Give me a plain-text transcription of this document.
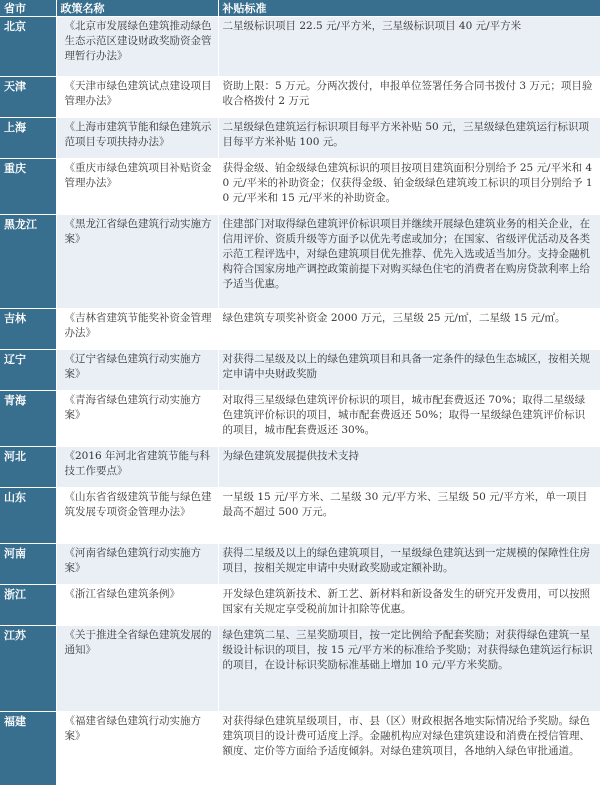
省市	政策名称	补贴标准
北京	《北京市发展绿色建筑推动绿色生态示范区建设财政奖励资金管理暂行办法》	二星级标识项目 22.5 元/平方米，三星级标识项目 40 元/平方米
天津	《天津市绿色建筑试点建设项目管理办法》	资助上限：5 万元。分两次拨付，申报单位签署任务合同书拨付 3 万元；项目验收合格拨付 2 万元
上海	《上海市建筑节能和绿色建筑示范项目专项扶持办法》	二星级绿色建筑运行标识项目每平方米补贴 50 元，三星级绿色建筑运行标识项目每平方米补贴 100 元。
重庆	《重庆市绿色建筑项目补贴资金管理办法》	获得金级、铂金级绿色建筑标识的项目按项目建筑面积分别给予 25 元/平米和 40 元/平米的补助资金；仅获得金级、铂金级绿色建筑竣工标识的项目分别给予 10 元/平米和 15 元/平米的补助资金。
黑龙江	《黑龙江省绿色建筑行动实施方案》	住建部门对取得绿色建筑评价标识项目并继续开展绿色建筑业务的相关企业，在信用评价、资质升级等方面予以优先考虑或加分；在国家、省级评优活动及各类示范工程评选中，对绿色建筑项目优先推荐、优先入选或适当加分。支持金融机构符合国家房地产调控政策前提下对购买绿色住宅的消费者在购房贷款利率上给予适当优惠。
吉林	《吉林省建筑节能奖补资金管理办法》	绿色建筑专项奖补资金 2000 万元，三星级 25 元/㎡，二星级 15 元/㎡。
辽宁	《辽宁省绿色建筑行动实施方案》	对获得二星级及以上的绿色建筑项目和具备一定条件的绿色生态城区，按相关规定申请中央财政奖励
青海	《青海省绿色建筑行动实施方案》	对取得三星级绿色建筑评价标识的项目，城市配套费返还 70%；取得二星级绿色建筑评价标识的项目，城市配套费返还 50%；取得一星级绿色建筑评价标识的项目，城市配套费返还 30%。
河北	《2016 年河北省建筑节能与科技工作要点》	为绿色建筑发展提供技术支持
山东	《山东省省级建筑节能与绿色建筑发展专项资金管理办法》	一星级 15 元/平方米、二星级 30 元/平方米、三星级 50 元/平方米，单一项目最高不超过 500 万元。
河南	《河南省绿色建筑行动实施方案》	获得二星级及以上的绿色建筑项目，一星级绿色建筑达到一定规模的保障性住房项目，按相关规定申请中央财政奖励或定额补助。
浙江	《浙江省绿色建筑条例》	开发绿色建筑新技术、新工艺、新材料和新设备发生的研究开发费用，可以按照国家有关规定享受税前加计扣除等优惠。
江苏	《关于推进全省绿色建筑发展的通知》	绿色建筑二星、三星奖励项目，按一定比例给予配套奖励；对获得绿色建筑一星级设计标识的项目，按 15 元/平方米的标准给予奖励；对获得绿色建筑运行标识的项目，在设计标识奖励标准基础上增加 10 元/平方米奖励。
福建	《福建省绿色建筑行动实施方案》	对获得绿色建筑星级项目，市、县（区）财政根据各地实际情况给予奖励。绿色建筑项目的设计费可适度上浮。金融机构应对绿色建筑建设和消费在授信管理、额度、定价等方面给予适度倾斜。对绿色建筑项目，各地纳入绿色审批通道。
